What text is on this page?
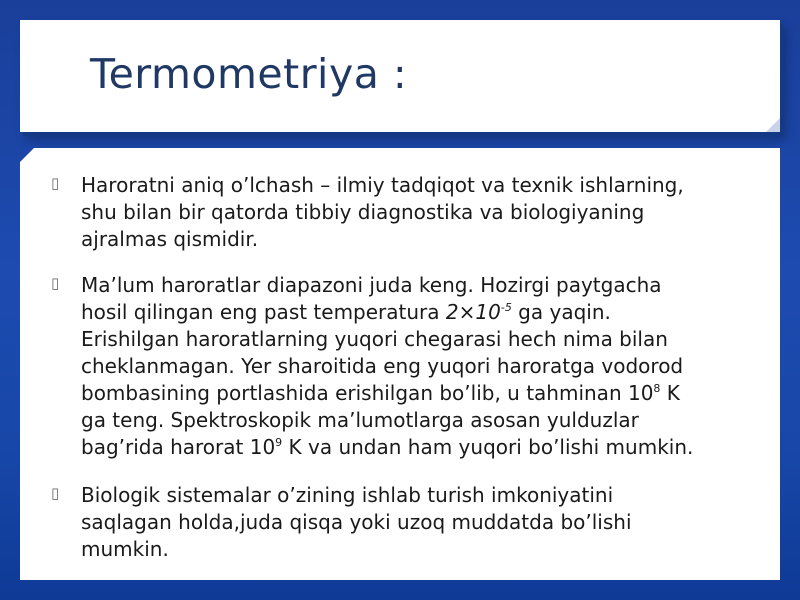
Termometriya :
▯ Haroratni aniq o’lchash – ilmiy tadqiqot va texnik ishlarning,
shu bilan bir qatorda tibbiy diagnostika va biologiyaning
ajralmas qismidir.
▯ Ma’lum haroratlar diapazoni juda keng. Hozirgi paytgacha
hosil qilingan eng past temperatura $2\times 10^{-5}$ ga yaqin.
Erishilgan haroratlarning yuqori chegarasi hech nima bilan
cheklanmagan. Yer sharoitida eng yuqori haroratga vodorod
bombasining portlashida erishilgan bo’lib, u tahminan $10^8$ K
ga teng. Spektroskopik ma’lumotlarga asosan yulduzlar
bag’rida harorat $10^9$ K va undan ham yuqori bo’lishi mumkin.
▯ Biologik sistemalar o’zining ishlab turish imkoniyatini
saqlagan holda,juda qisqa yoki uzoq muddatda bo’lishi
mumkin.
